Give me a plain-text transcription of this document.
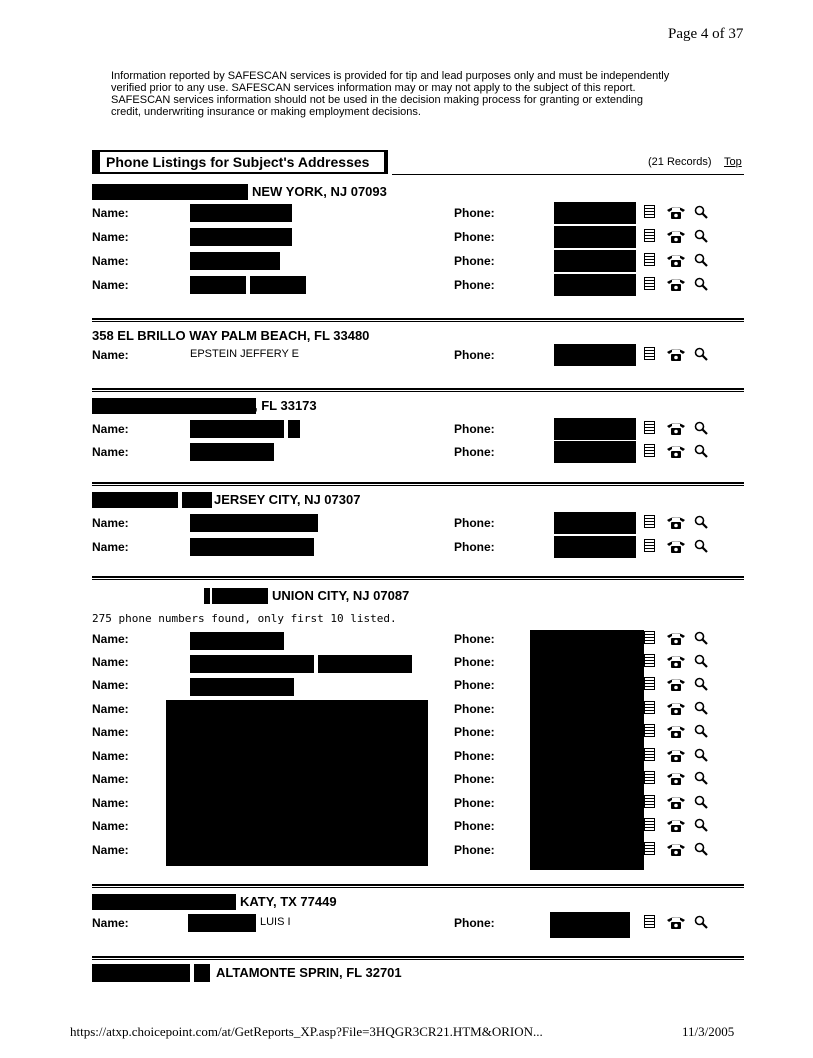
Page 4 of 37
Information reported by SAFESCAN services is provided for tip and lead purposes only and must be independently
verified prior to any use. SAFESCAN services information may or may not apply to the subject of this report.
SAFESCAN services information should not be used in the decision making process for granting or extending
credit, underwriting insurance or making employment decisions.
Phone Listings for Subject's Addresses	(21 Records) Top
NEW YORK, NJ 07093
Name:	Phone:
Name:	Phone:
Name:	Phone:
Name:	Phone:
358 EL BRILLO WAY PALM BEACH, FL 33480
Name:	EPSTEIN JEFFERY E	Phone:
, FL 33173
Name:	Phone:
Name:	Phone:
JERSEY CITY, NJ 07307
Name:	Phone:
Name:	Phone:
UNION CITY, NJ 07087
275 phone numbers found, only first 10 listed.
Name:	Phone:
Name:	Phone:
Name:	Phone:
Name:	Phone:
Name:	Phone:
Name:	Phone:
Name:	Phone:
Name:	Phone:
Name:	Phone:
Name:	Phone:
KATY, TX 77449
Name:	LUIS I	Phone:
ALTAMONTE SPRIN, FL 32701
https://atxp.choicepoint.com/at/GetReports_XP.asp?File=3HQGR3CR21.HTM&ORION...	11/3/2005
